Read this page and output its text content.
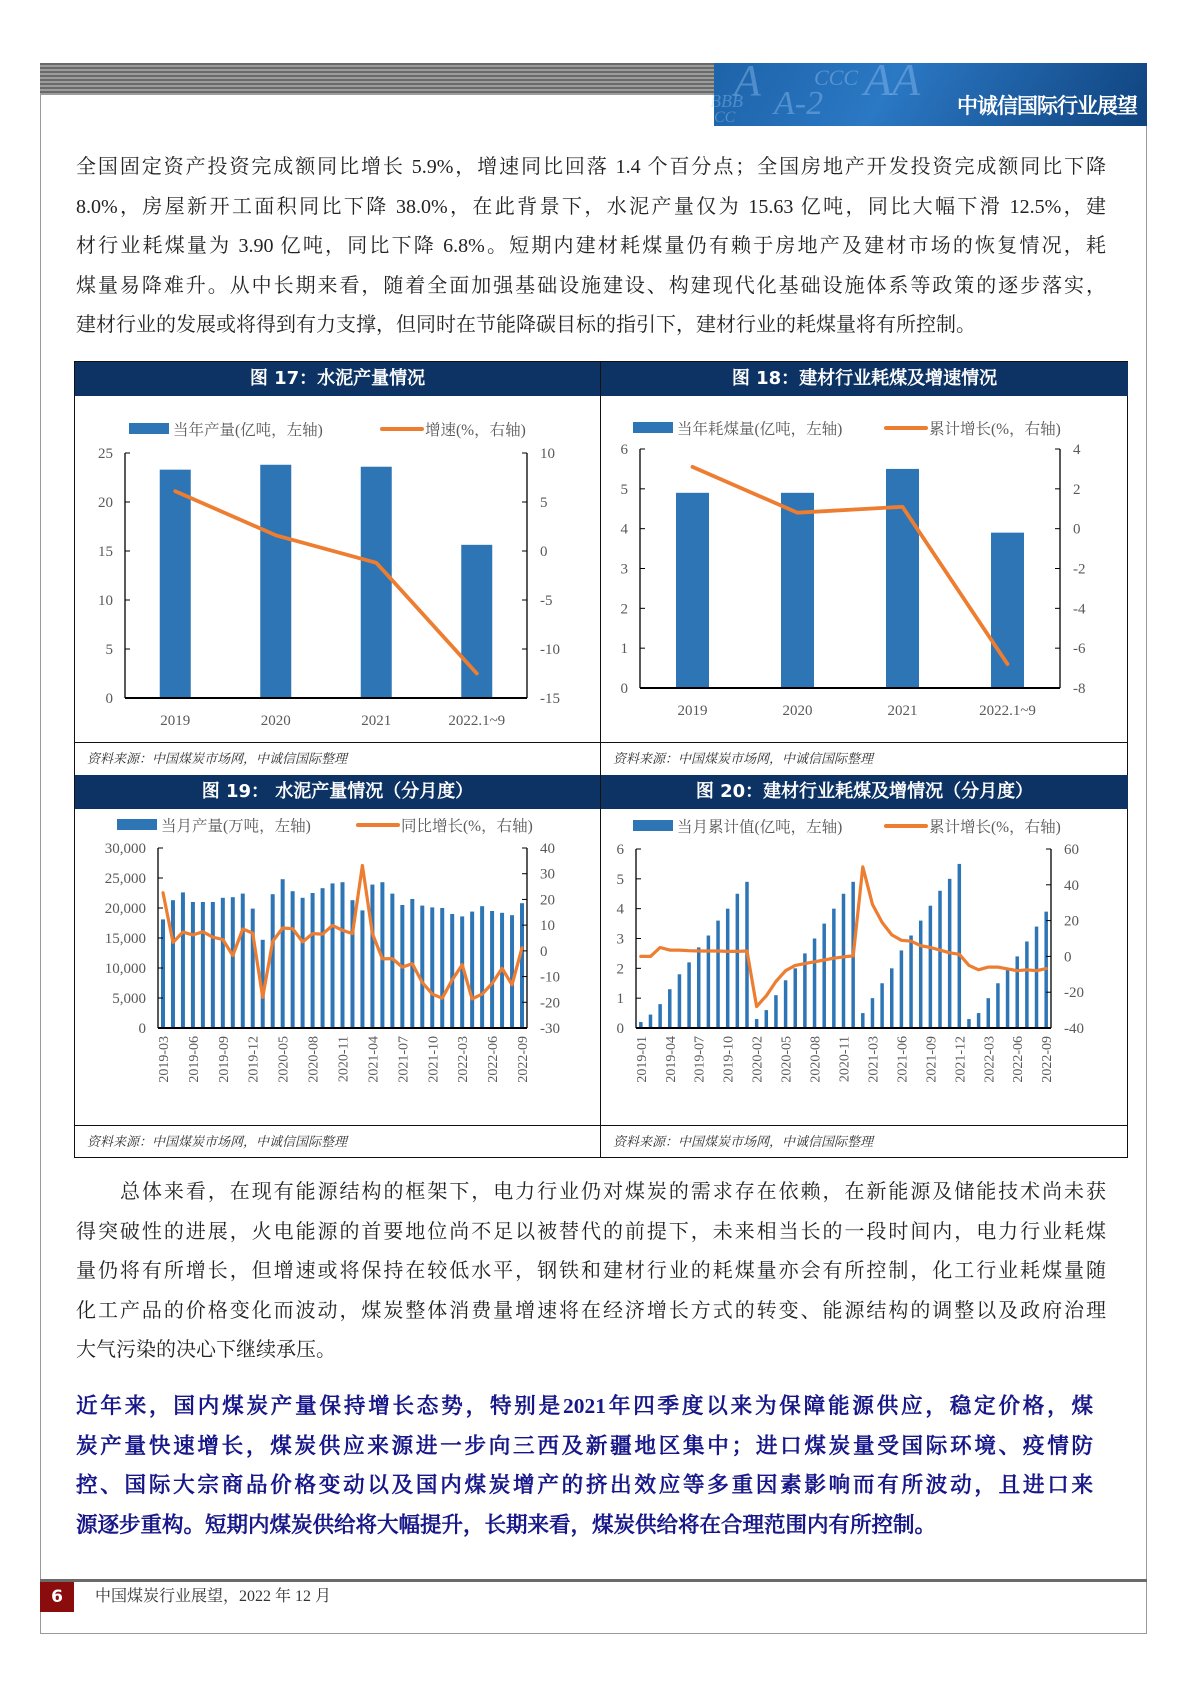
A AA
CCC
BBB A-2
CC	中诚信国际行业展望
全国固定资产投资完成额同比增长 5.9%，增速同比回落 1.4 个百分点；全国房地产开发投资完成额同比下降
8.0%，房屋新开工面积同比下降 38.0%，在此背景下，水泥产量仅为 15.63 亿吨，同比大幅下滑 12.5%，建
材行业耗煤量为 3.90 亿吨，同比下降 6.8%。短期内建材耗煤量仍有赖于房地产及建材市场的恢复情况，耗
煤量易降难升。从中长期来看，随着全面加强基础设施建设、构建现代化基础设施体系等政策的逐步落实，
建材行业的发展或将得到有力支撑，但同时在节能降碳目标的指引下，建材行业的耗煤量将有所控制。
图 17：水泥产量情况	图 18：建材行业耗煤及增速情况
资料来源：中国煤炭市场网，中诚信国际整理	资料来源：中国煤炭市场网，中诚信国际整理
图 19： 水泥产量情况（分月度）	图 20：建材行业耗煤及增情况（分月度）
资料来源：中国煤炭市场网，中诚信国际整理	资料来源：中国煤炭市场网，中诚信国际整理
当年产量(亿吨，左轴)	增速(%，右轴)
0
5
10
15
20
25
-15
-10
-5
0
5
10
2019	2020	2021	2022.1~9
当年耗煤量(亿吨，左轴)	累计增长(%，右轴)
0
1
2
3
4
5
6
-8
-6
-4
-2
0
2
4
2019	2020	2021	2022.1~9
当月产量(万吨，左轴)	同比增长(%，右轴)
0
5,000
10,000
15,000
20,000
25,000
30,000
-30
-20
-10
0
10
20
30
40
2019-03 2019-06 2019-09 2019-12 2020-05 2020-08 2020-11 2021-04 2021-07 2021-10 2022-03 2022-06 2022-09
当月累计值(亿吨，左轴)	累计增长(%，右轴)
0
1
2
3
4
5
6
-40
-20
0
20
40
60
2019-01 2019-04 2019-07 2019-10 2020-02 2020-05 2020-08 2020-11 2021-03 2021-06 2021-09 2021-12 2022-03 2022-06 2022-09
总体来看，在现有能源结构的框架下，电力行业仍对煤炭的需求存在依赖，在新能源及储能技术尚未获
得突破性的进展，火电能源的首要地位尚不足以被替代的前提下，未来相当长的一段时间内，电力行业耗煤
量仍将有所增长，但增速或将保持在较低水平，钢铁和建材行业的耗煤量亦会有所控制，化工行业耗煤量随
化工产品的价格变化而波动，煤炭整体消费量增速将在经济增长方式的转变、能源结构的调整以及政府治理
大气污染的决心下继续承压。
近年来，国内煤炭产量保持增长态势，特别是2021年四季度以来为保障能源供应，稳定价格，煤
炭产量快速增长，煤炭供应来源进一步向三西及新疆地区集中；进口煤炭量受国际环境、疫情防
控、国际大宗商品价格变动以及国内煤炭增产的挤出效应等多重因素影响而有所波动，且进口来
源逐步重构。短期内煤炭供给将大幅提升，长期来看，煤炭供给将在合理范围内有所控制。
6	中国煤炭行业展望，2022 年 12 月
